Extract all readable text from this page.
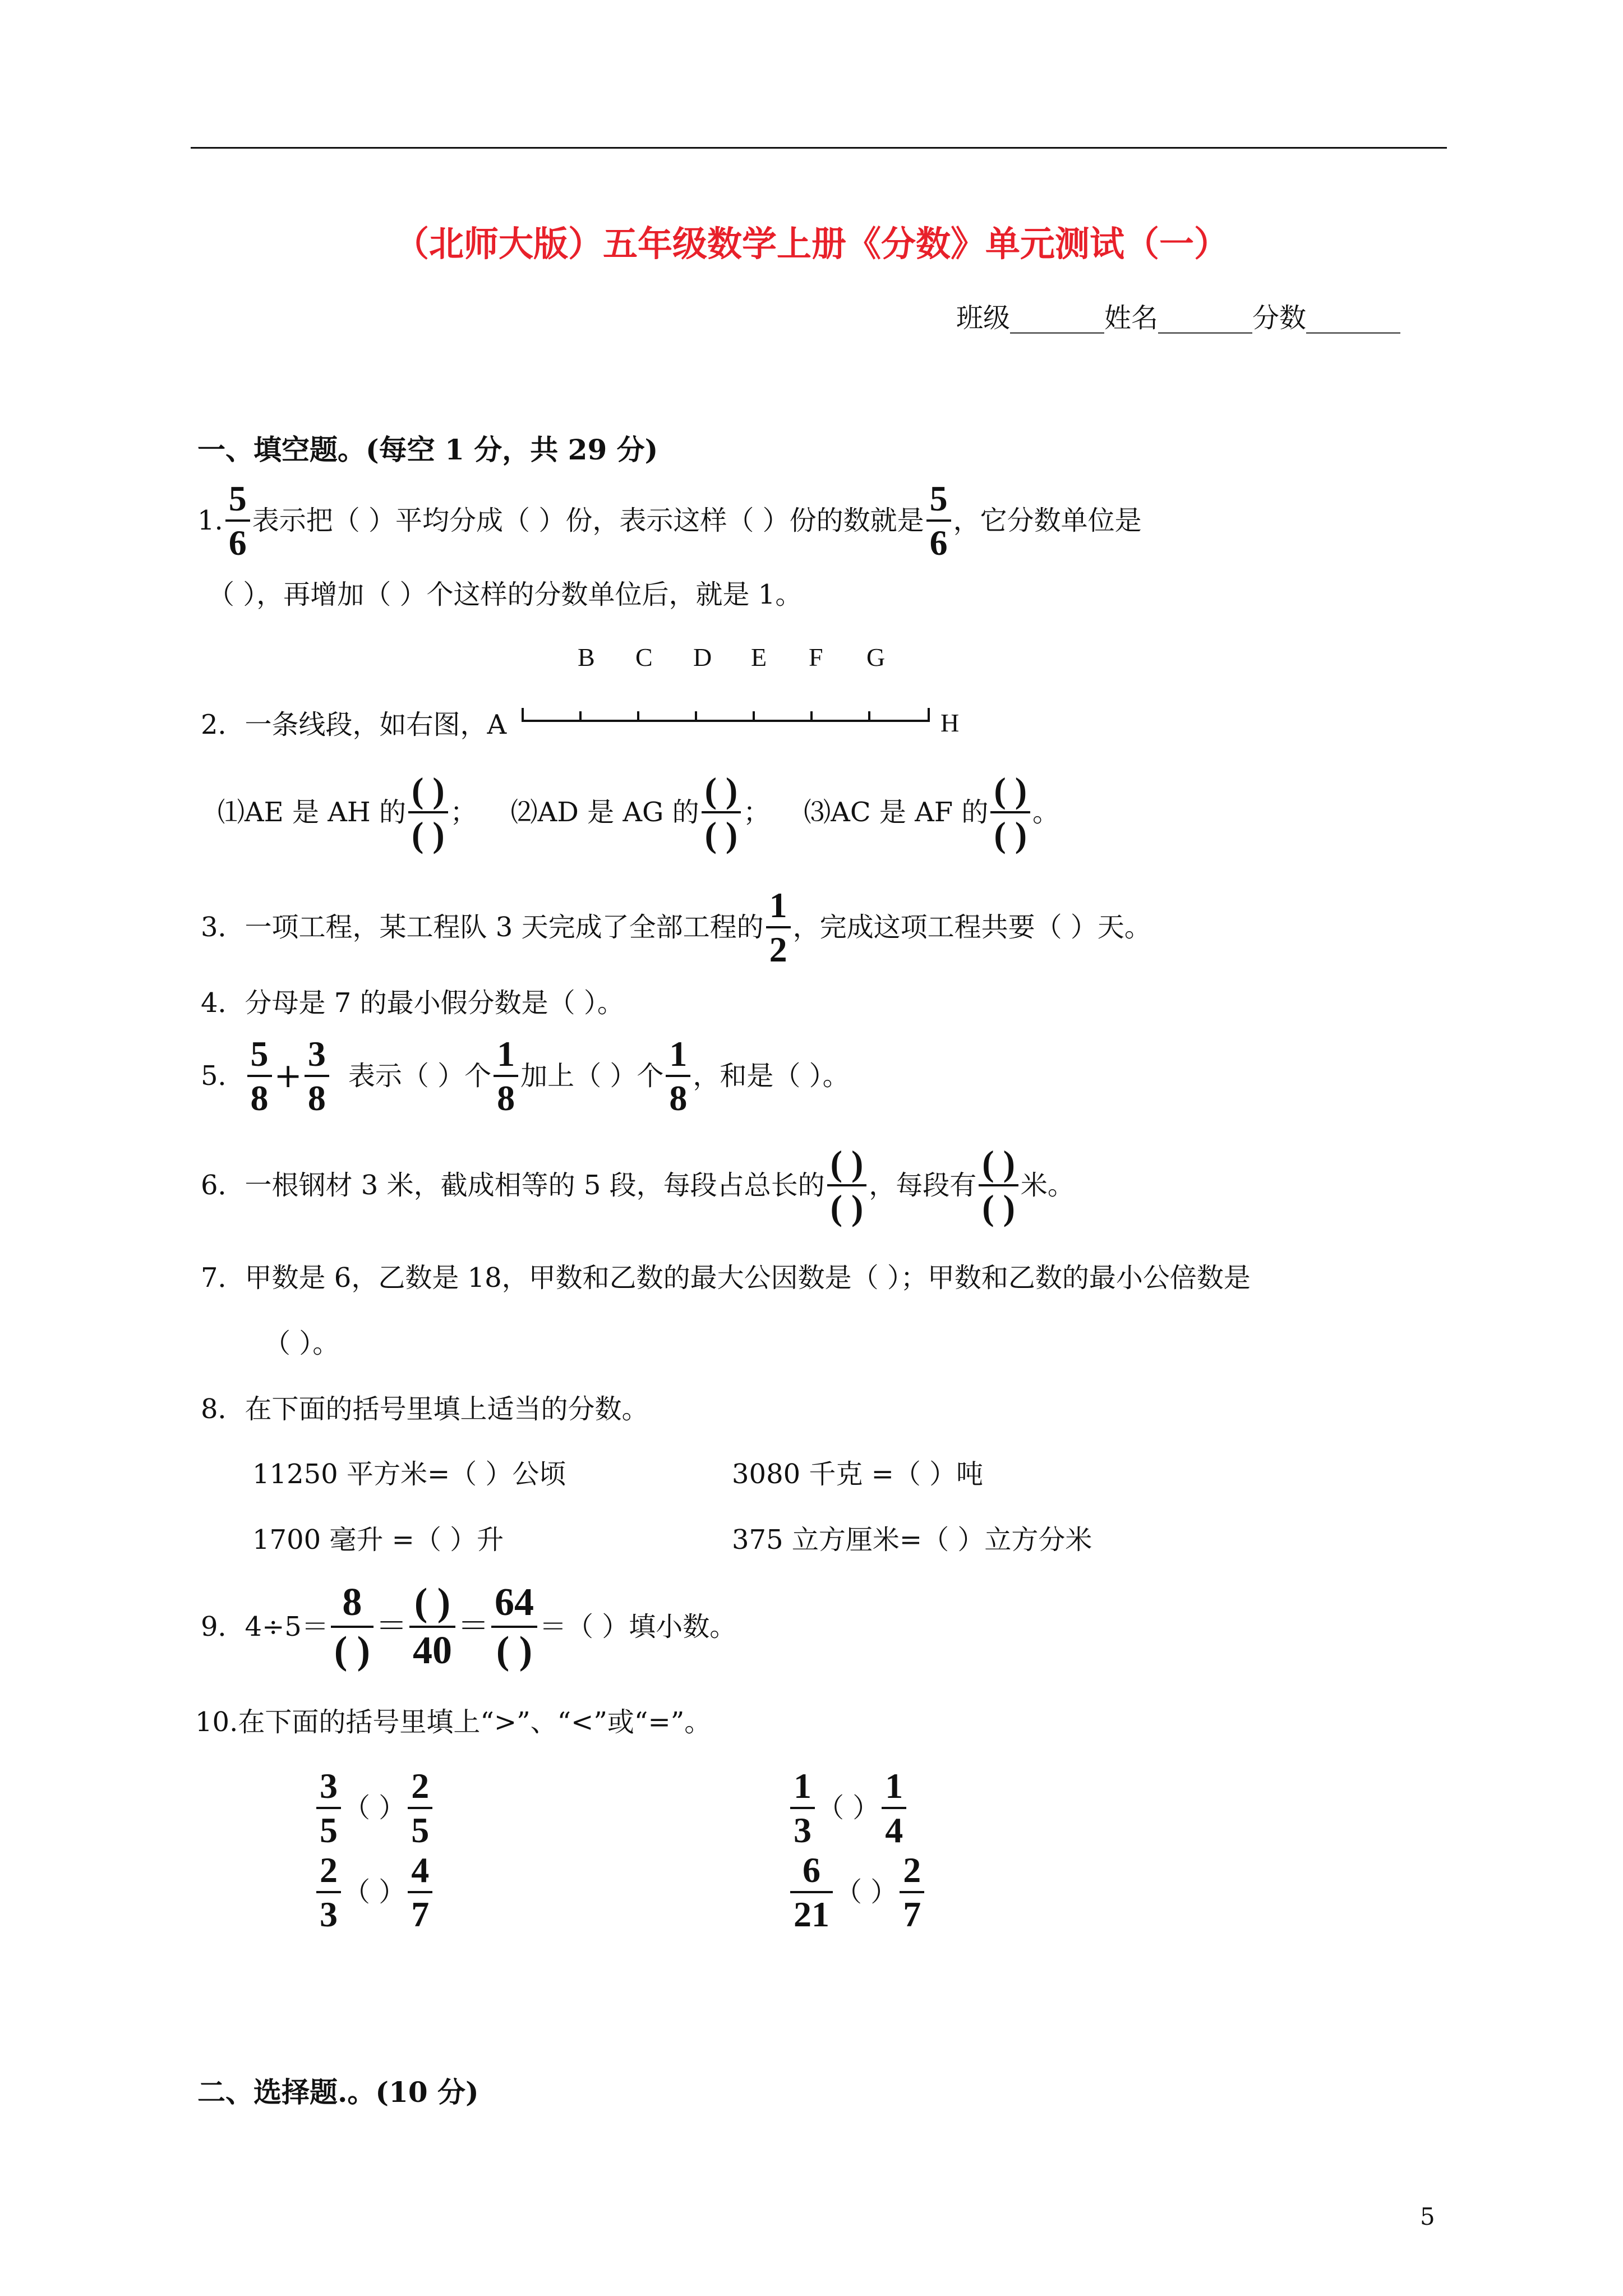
（北师大版）五年级数学上册《分数》单元测试（一）
班级_______姓名_______分数_______
一、填空题。(每空 1 分，共 29 分)
1. $\frac{5}{6}$ 表示把（ ）平均分成（ ）份，表示这样（ ）份的数就是 $\frac{5}{6}$ ，它分数单位是
（ ），再增加（ ）个这样的分数单位后，就是 1。
B C D E F G
2．一条线段，如右图，A	H
⑴AE 是 AH 的 $\frac{( )}{( )}$ ； ⑵AD 是 AG 的 $\frac{( )}{( )}$ ； ⑶AC 是 AF 的 $\frac{( )}{( )}$ 。
3．一项工程，某工程队 3 天完成了全部工程的 $\frac{1}{2}$ ，完成这项工程共要（ ）天。
4．分母是 7 的最小假分数是（ ）。
5． $\frac{5}{8} + \frac{3}{8}$ 表示（ ）个 $\frac{1}{8}$ 加上（ ）个 $\frac{1}{8}$ ，和是（ ）。
6．一根钢材 3 米，截成相等的 5 段，每段占总长的 $\frac{( )}{( )}$ ，每段有 $\frac{( )}{( )}$ 米。
7．甲数是 6，乙数是 18，甲数和乙数的最大公因数是（ ）；甲数和乙数的最小公倍数是
（ ）。
8．在下面的括号里填上适当的分数。
11250 平方米=（ ）公顷	3080 千克 =（ ）吨
1700 毫升 =（ ）升	375 立方厘米=（ ）立方分米
9．$4\div 5= \frac{8}{( )} = \frac{( )}{40} = \frac{64}{( )}$ ＝（ ）填小数。
10.在下面的括号里填上“>”、“<”或“=”。
$\frac{3}{5}$ （ ） $\frac{2}{5}$	$\frac{1}{3}$ （ ） $\frac{1}{4}$
$\frac{2}{3}$ （ ） $\frac{4}{7}$	$\frac{6}{21}$ （ ） $\frac{2}{7}$
二、选择题.。(10 分)
5
